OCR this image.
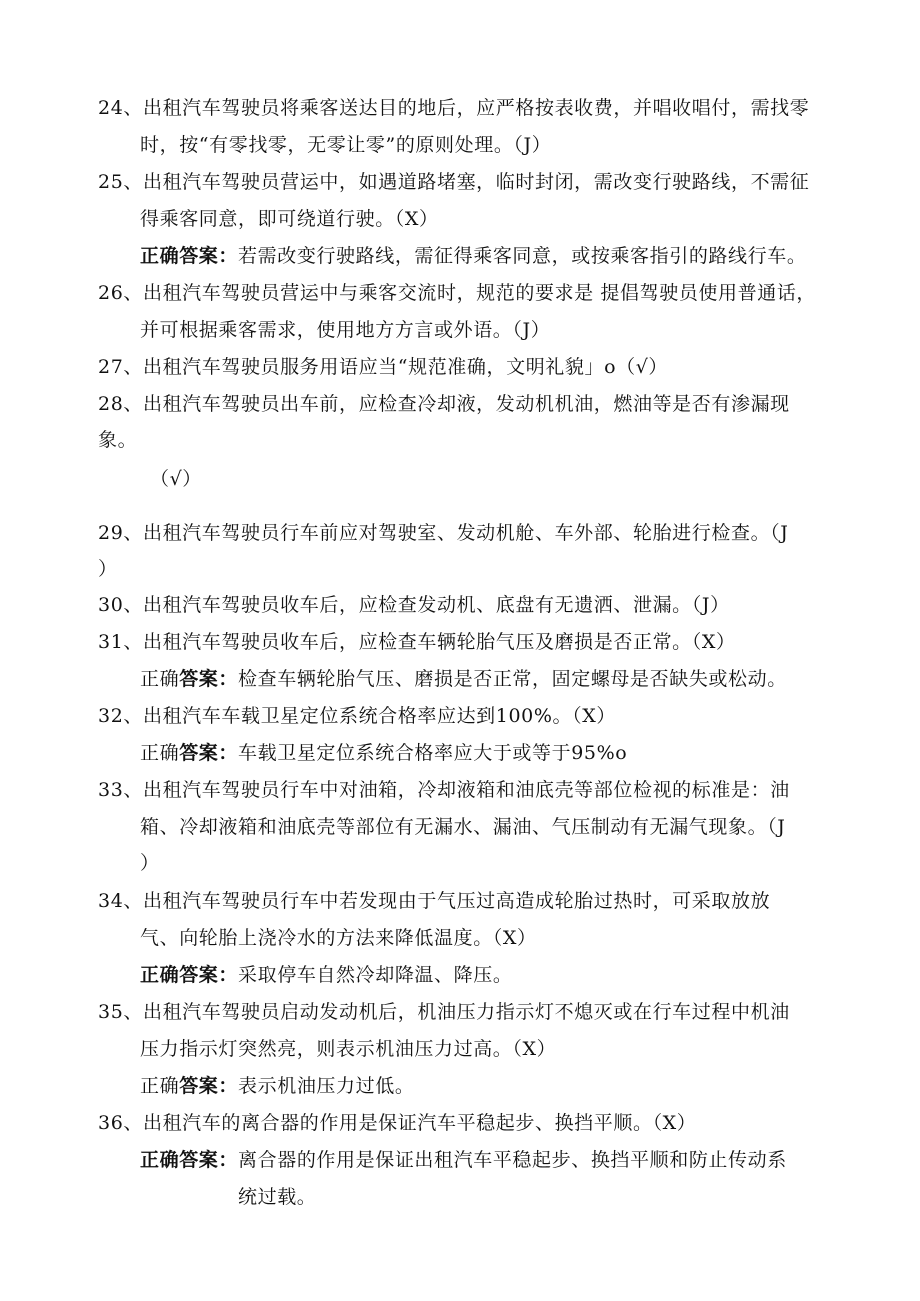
24、出租汽车驾驶员将乘客送达目的地后，应严格按表收费，并唱收唱付，需找零
时，按“有零找零，无零让零”的原则处理。（J）
25、出租汽车驾驶员营运中，如遇道路堵塞，临时封闭，需改变行驶路线，不需征
得乘客同意，即可绕道行驶。（X）
正确答案：若需改变行驶路线，需征得乘客同意，或按乘客指引的路线行车。
26、出租汽车驾驶员营运中与乘客交流时，规范的要求是 提倡驾驶员使用普通话，
并可根据乘客需求，使用地方方言或外语。（J）
27、出租汽车驾驶员服务用语应当“规范准确，文明礼貌」o（√）
28、出租汽车驾驶员出车前，应检查冷却液，发动机机油，燃油等是否有渗漏现
象。
（√）
29、出租汽车驾驶员行车前应对驾驶室、发动机舱、车外部、轮胎进行检查。（J
）
30、出租汽车驾驶员收车后，应检查发动机、底盘有无遗洒、泄漏。（J）
31、出租汽车驾驶员收车后，应检查车辆轮胎气压及磨损是否正常。（X）
正确答案：检查车辆轮胎气压、磨损是否正常，固定螺母是否缺失或松动。
32、出租汽车车载卫星定位系统合格率应达到100%。（X）
正确答案：车载卫星定位系统合格率应大于或等于95%o
33、出租汽车驾驶员行车中对油箱，冷却液箱和油底壳等部位检视的标准是：油
箱、冷却液箱和油底壳等部位有无漏水、漏油、气压制动有无漏气现象。（J
）
34、出租汽车驾驶员行车中若发现由于气压过高造成轮胎过热时，可采取放放
气、向轮胎上浇冷水的方法来降低温度。（X）
正确答案：采取停车自然冷却降温、降压。
35、出租汽车驾驶员启动发动机后，机油压力指示灯不熄灭或在行车过程中机油
压力指示灯突然亮，则表示机油压力过高。（X）
正确答案：表示机油压力过低。
36、出租汽车的离合器的作用是保证汽车平稳起步、换挡平顺。（X）
正确答案：离合器的作用是保证出租汽车平稳起步、换挡平顺和防止传动系
统过载。
